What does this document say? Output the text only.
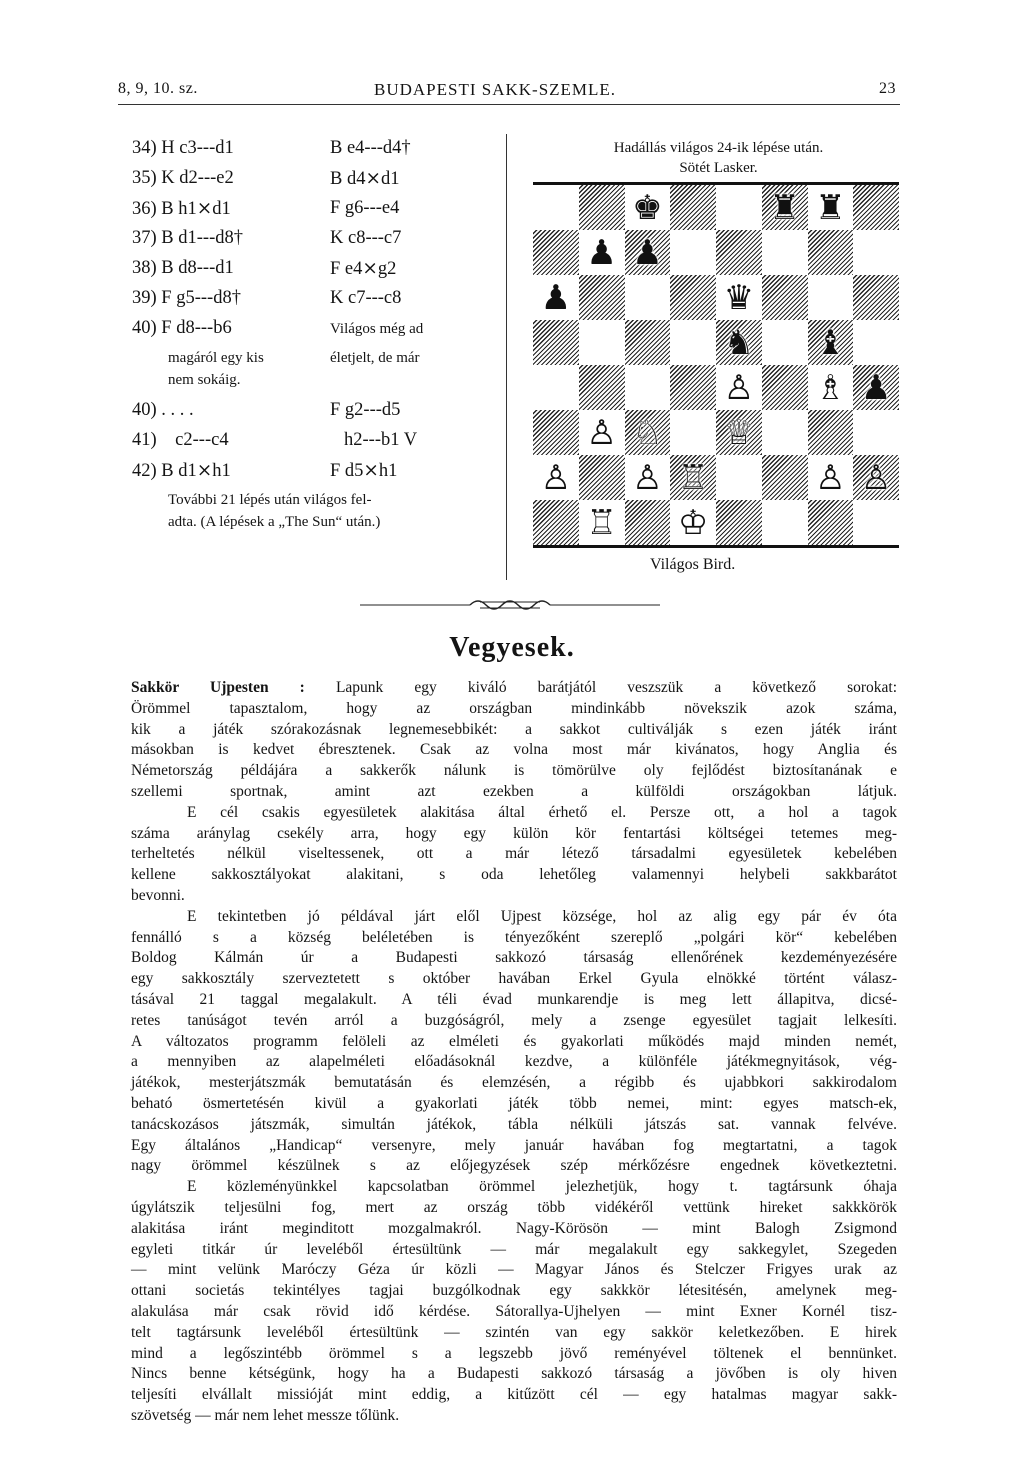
8, 9, 10. sz.	BUDAPESTI SAKK-SZEMLE.	23
34) H c3---d1	B e4---d4†
35) K d2---e2	B d4⨯d1
36) B h1⨯d1	F g6---e4
37) B d1---d8†	K c8---c7
38) B d8---d1	F e4⨯g2
39) F g5---d8†	K c7---c8
40) F d8---b6	Világos még ad
magáról egy kis	életjelt, de már
nem sokáig.
40) . . . .	F g2---d5
41) c2---c4	h2---b1 V
42) B d1⨯h1	F d5⨯h1
További 21 lépés után világos fel-
adta. (A lépések a „The Sun“ után.)
Hadállás világos 24-ik lépése után.
Sötét Lasker.
♚	♜ ♜
♟ ♟
♟	♛
♞ ♝
♙ ♗ ♟
♙ ♘ ♕
♙ ♙ ♖	♙ ♙
♖ ♔
Világos Bird.
Vegyesek.
Sakkör Ujpesten : Lapunk egy kiváló barátjától veszszük a következő sorokat:
Örömmel tapasztalom, hogy az országban mindinkább növekszik azok száma,
kik a játék szórakozásnak legnemesebbikét: a sakkot cultiválják s ezen játék iránt
másokban is kedvet ébresztenek. Csak az volna most már kivánatos, hogy Anglia és
Németország példájára a sakkerők nálunk is tömörülve oly fejlődést biztosítanának e
szellemi sportnak, amint azt ezekben a külföldi országokban látjuk.
E cél csakis egyesületek alakitása által érhető el. Persze ott, a hol a tagok
száma aránylag csekély arra, hogy egy külön kör fentartási költségei tetemes meg-
terheltetés nélkül viseltessenek, ott a már létező társadalmi egyesületek kebelében
kellene sakkosztályokat alakitani, s oda lehetőleg valamennyi helybeli sakkbarátot
bevonni.
E tekintetben jó példával járt elől Ujpest községe, hol az alig egy pár év óta
fennálló s a község beléletében is tényezőként szereplő „polgári kör“ kebelében
Boldog Kálmán úr a Budapesti sakkozó társaság ellenőrének kezdeményezésére
egy sakkosztály szerveztetett s október havában Erkel Gyula elnökké történt válasz-
tásával 21 taggal megalakult. A téli évad munkarendje is meg lett állapitva, dicsé-
retes tanúságot tevén arról a buzgóságról, mely a zsenge egyesület tagjait lelkesíti.
A változatos programm felöleli az elméleti és gyakorlati működés majd minden nemét,
a mennyiben az alapelméleti előadásoknál kezdve, a különféle játékmegnyitások, vég-
játékok, mesterjátszmák bemutatásán és elemzésén, a régibb és ujabbkori sakkirodalom
beható ösmertetésén kivül a gyakorlati játék több nemei, mint: egyes matsch-ek,
tanácskozásos játszmák, simultán játékok, tábla nélküli játszás sat. vannak felvéve.
Egy általános „Handicap“ versenyre, mely január havában fog megtartatni, a tagok
nagy örömmel készülnek s az előjegyzések szép mérkőzésre engednek következtetni.
E közleményünkkel kapcsolatban örömmel jelezhetjük, hogy t. tagtársunk óhaja
úgylátszik teljesülni fog, mert az ország több vidékéről vettünk hireket sakkkörök
alakitása iránt meginditott mozgalmakról. Nagy-Körösön — mint Balogh Zsigmond
egyleti titkár úr leveléből értesültünk — már megalakult egy sakkegylet, Szegeden
— mint velünk Maróczy Géza úr közli — Magyar János és Stelczer Frigyes urak az
ottani societás tekintélyes tagjai buzgólkodnak egy sakkkör létesitésén, amelynek meg-
alakulása már csak rövid idő kérdése. Sátorallya-Ujhelyen — mint Exner Kornél tisz-
telt tagtársunk leveléből értesültünk — szintén van egy sakkör keletkezőben. E hirek
mind a legőszintébb örömmel s a legszebb jövő reményével töltenek el bennünket.
Nincs benne kétségünk, hogy ha a Budapesti sakkozó társaság a jövőben is oly hiven
teljesíti elvállalt missióját mint eddig, a kitűzött cél — egy hatalmas magyar sakk-
szövetség — már nem lehet messze tőlünk.
